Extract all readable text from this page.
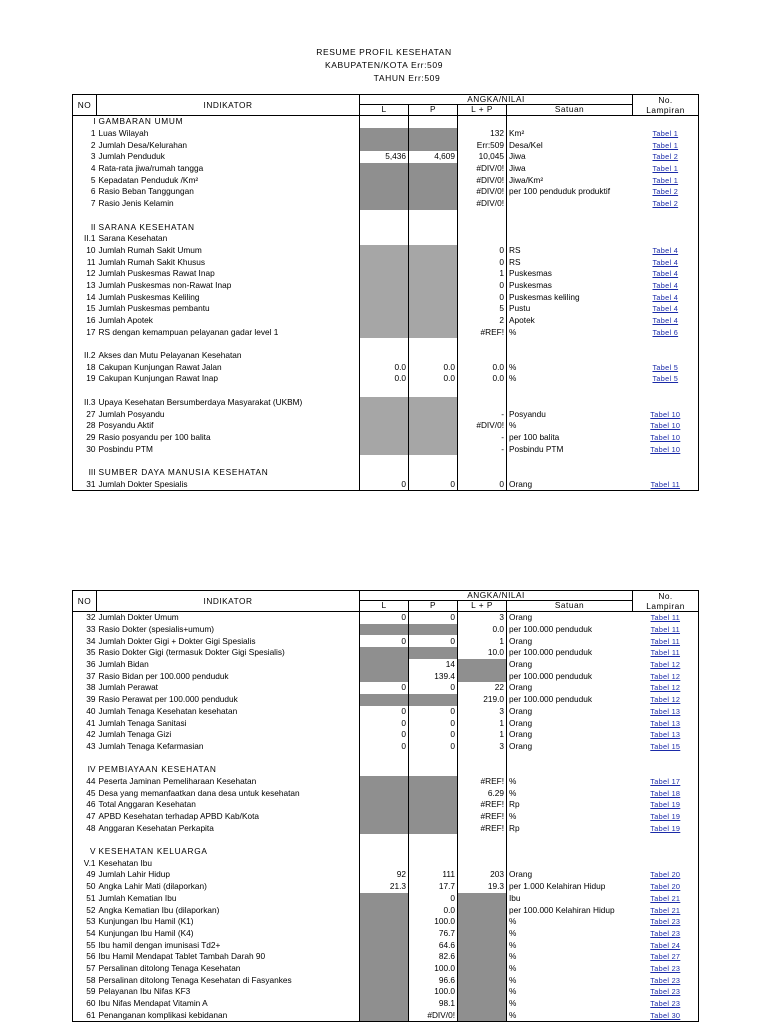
RESUME PROFIL KESEHATAN
KABUPATEN/KOTA Err:509
TAHUN Err:509
NO	INDIKATOR	ANGKA/NILAI				No.
Lampiran

		L	P	L + P	Satuan	
I	GAMBARAN UMUM					
1	Luas Wilayah			132	Km²	Tabel 1
2	Jumlah Desa/Kelurahan			Err:509	Desa/Kel	Tabel 1
3	Jumlah Penduduk	5,436	4,609	10,045	Jiwa	Tabel 2
4	Rata-rata jiwa/rumah tangga			#DIV/0!	Jiwa	Tabel 1
5	Kepadatan Penduduk /Km²			#DIV/0!	Jiwa/Km²	Tabel 1
6	Rasio Beban Tanggungan			#DIV/0!	per 100 penduduk produktif	Tabel 2
7	Rasio Jenis Kelamin			#DIV/0!		Tabel 2

II	SARANA KESEHATAN					
II.1	Sarana Kesehatan					
10	Jumlah Rumah Sakit Umum			0	RS	Tabel 4
11	Jumlah Rumah Sakit Khusus			0	RS	Tabel 4
12	Jumlah Puskesmas Rawat Inap			1	Puskesmas	Tabel 4
13	Jumlah Puskesmas non-Rawat Inap			0	Puskesmas	Tabel 4
14	Jumlah Puskesmas Keliling			0	Puskesmas keliling	Tabel 4
15	Jumlah Puskesmas pembantu			5	Pustu	Tabel 4
16	Jumlah Apotek			2	Apotek	Tabel 4
17	RS dengan kemampuan pelayanan gadar level 1			#REF!	%	Tabel 6

II.2	Akses dan Mutu Pelayanan Kesehatan					
18	Cakupan Kunjungan Rawat Jalan	0.0	0.0	0.0	%	Tabel 5
19	Cakupan Kunjungan Rawat Inap	0.0	0.0	0.0	%	Tabel 5

II.3	Upaya Kesehatan Bersumberdaya Masyarakat (UKBM)					
27	Jumlah Posyandu			-	Posyandu	Tabel 10
28	Posyandu Aktif			#DIV/0!	%	Tabel 10
29	Rasio posyandu per 100 balita			-	per 100 balita	Tabel 10
30	Posbindu PTM			-	Posbindu PTM	Tabel 10

III	SUMBER DAYA MANUSIA KESEHATAN					
31	Jumlah Dokter Spesialis	0	0	0	Orang	Tabel 11
NO	INDIKATOR	ANGKA/NILAI				No.
Lampiran

		L	P	L + P	Satuan	
32	Jumlah Dokter Umum	0	0	3	Orang	Tabel 11
33	Rasio Dokter (spesialis+umum)			0.0	per 100.000 penduduk	Tabel 11
34	Jumlah Dokter Gigi + Dokter Gigi Spesialis	0	0	1	Orang	Tabel 11
35	Rasio Dokter Gigi (termasuk Dokter Gigi Spesialis)			10.0	per 100.000 penduduk	Tabel 11
36	Jumlah Bidan		14		Orang	Tabel 12
37	Rasio Bidan per 100.000 penduduk		139.4		per 100.000 penduduk	Tabel 12
38	Jumlah Perawat	0	0	22	Orang	Tabel 12
39	Rasio Perawat per 100.000 penduduk			219.0	per 100.000 penduduk	Tabel 12
40	Jumlah Tenaga Kesehatan kesehatan	0	0	3	Orang	Tabel 13
41	Jumlah Tenaga Sanitasi	0	0	1	Orang	Tabel 13
42	Jumlah Tenaga Gizi	0	0	1	Orang	Tabel 13
43	Jumlah Tenaga Kefarmasian	0	0	3	Orang	Tabel 15

IV	PEMBIAYAAN KESEHATAN					
44	Peserta Jaminan Pemeliharaan Kesehatan			#REF!	%	Tabel 17
45	Desa yang memanfaatkan dana desa untuk kesehatan			6.29	%	Tabel 18
46	Total Anggaran Kesehatan			#REF!	Rp	Tabel 19
47	APBD Kesehatan terhadap APBD Kab/Kota			#REF!	%	Tabel 19
48	Anggaran Kesehatan Perkapita			#REF!	Rp	Tabel 19

V	KESEHATAN KELUARGA					
V.1	Kesehatan Ibu					
49	Jumlah Lahir Hidup	92	111	203	Orang	Tabel 20
50	Angka Lahir Mati (dilaporkan)	21.3	17.7	19.3	per 1.000 Kelahiran Hidup	Tabel 20
51	Jumlah Kematian Ibu		0		Ibu	Tabel 21
52	Angka Kematian Ibu (dilaporkan)		0.0		per 100.000 Kelahiran Hidup	Tabel 21
53	Kunjungan Ibu Hamil (K1)		100.0		%	Tabel 23
54	Kunjungan Ibu Hamil (K4)		76.7		%	Tabel 23
55	Ibu hamil dengan imunisasi Td2+		64.6		%	Tabel 24
56	Ibu Hamil Mendapat Tablet Tambah Darah 90		82.6		%	Tabel 27
57	Persalinan ditolong Tenaga Kesehatan		100.0		%	Tabel 23
58	Persalinan ditolong Tenaga Kesehatan di Fasyankes		96.6		%	Tabel 23
59	Pelayanan Ibu Nifas KF3		100.0		%	Tabel 23
60	Ibu Nifas Mendapat Vitamin A		98.1		%	Tabel 23
61	Penanganan komplikasi kebidanan		#DIV/0!		%	Tabel 30
